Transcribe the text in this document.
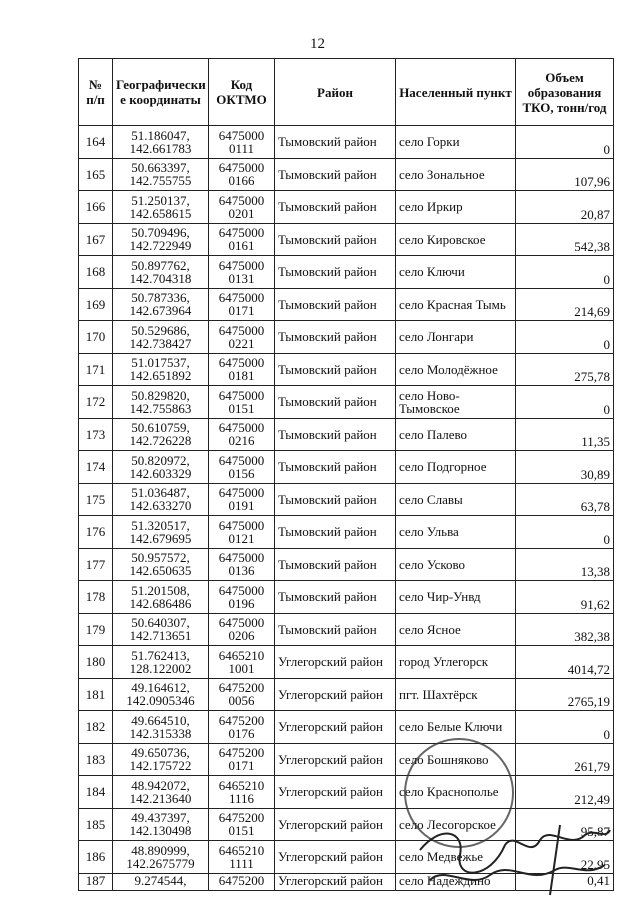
12
№ п/п	Географически е координаты	Код ОКТМО	Район	Населенный пункт	Объем образования ТКО, тонн/год
164	51.186047, 142.661783	6475000 0111	Тымовский район	село Горки	0
165	50.663397, 142.755755	6475000 0166	Тымовский район	село Зональное	107,96
166	51.250137, 142.658615	6475000 0201	Тымовский район	село Иркир	20,87
167	50.709496, 142.722949	6475000 0161	Тымовский район	село Кировское	542,38
168	50.897762, 142.704318	6475000 0131	Тымовский район	село Ключи	0
169	50.787336, 142.673964	6475000 0171	Тымовский район	село Красная Тымь	214,69
170	50.529686, 142.738427	6475000 0221	Тымовский район	село Лонгари	0
171	51.017537, 142.651892	6475000 0181	Тымовский район	село Молодёжное	275,78
172	50.829820, 142.755863	6475000 0151	Тымовский район	село Ново-Тымовское	0
173	50.610759, 142.726228	6475000 0216	Тымовский район	село Палево	11,35
174	50.820972, 142.603329	6475000 0156	Тымовский район	село Подгорное	30,89
175	51.036487, 142.633270	6475000 0191	Тымовский район	село Славы	63,78
176	51.320517, 142.679695	6475000 0121	Тымовский район	село Ульва	0
177	50.957572, 142.650635	6475000 0136	Тымовский район	село Усково	13,38
178	51.201508, 142.686486	6475000 0196	Тымовский район	село Чир-Унвд	91,62
179	50.640307, 142.713651	6475000 0206	Тымовский район	село Ясное	382,38
180	51.762413, 128.122002	6465210 1001	Углегорский район	город Углегорск	4014,72
181	49.164612, 142.0905346	6475200 0056	Углегорский район	пгт. Шахтёрск	2765,19
182	49.664510, 142.315338	6475200 0176	Углегорский район	село Белые Ключи	0
183	49.650736, 142.175722	6475200 0171	Углегорский район	село Бошняково	261,79
184	48.942072, 142.213640	6465210 1116	Углегорский район	село Краснополье	212,49
185	49.437397, 142.130498	6475200 0151	Углегорский район	село Лесогорское	95,87
186	48.890999, 142.2675779	6465210 1111	Углегорский район	село Медвежье	22,95
187	9.274544,	6475200	Углегорский район	село Надеждино	0,41
